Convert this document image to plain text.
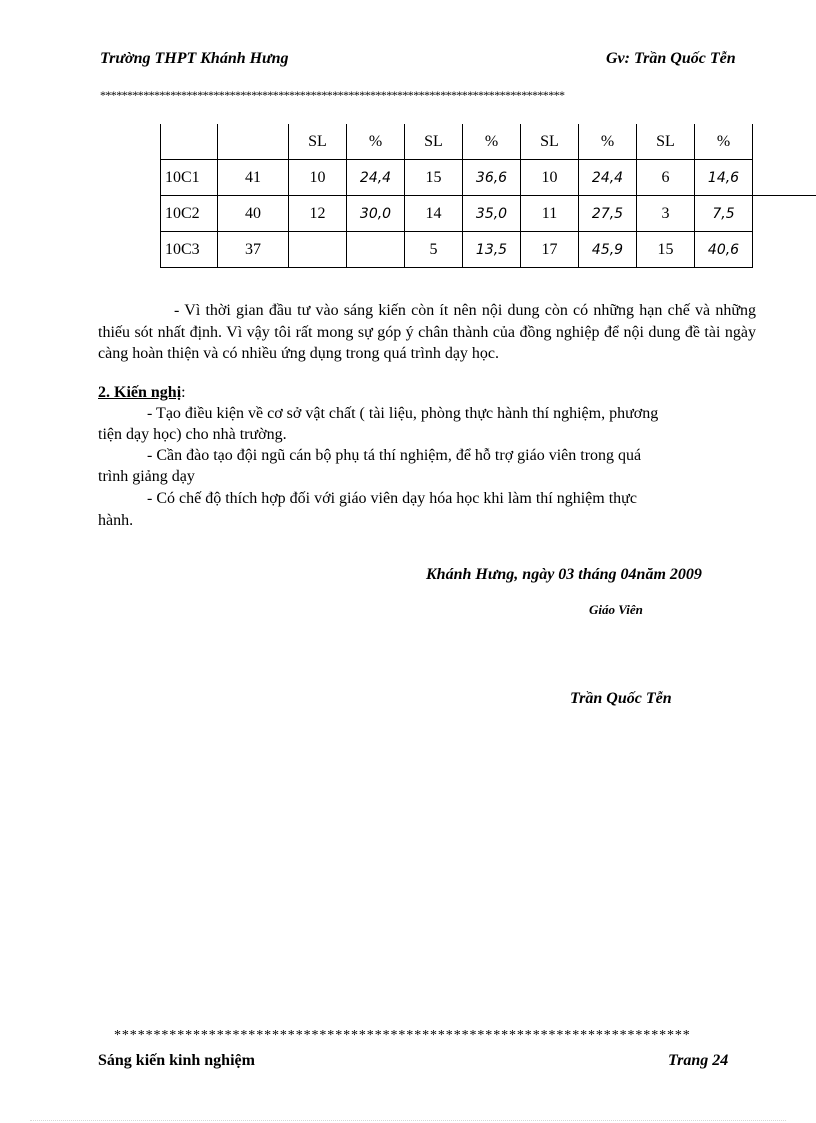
Trường THPT Khánh Hưng	Gv: Trần Quốc Tễn
**************************************************************************************
		SL	%	SL	%	SL	%	SL	%
10C1	41	10	24,4	15	36,6	10	24,4	6	14,6
10C2	40	12	30,0	14	35,0	11	27,5	3	7,5
10C3	37			5	13,5	17	45,9	15	40,6
- Vì thời gian đầu tư vào sáng kiến còn ít nên nội dung còn có những hạn chế và những thiếu sót nhất định. Vì vậy tôi rất mong sự góp ý chân thành của đồng nghiệp để nội dung đề tài ngày càng hoàn thiện và có nhiều ứng dụng trong quá trình dạy học.
2. Kiến nghị:
- Tạo điều kiện về cơ sở vật chất ( tài liệu, phòng thực hành thí nghiệm, phương
tiện dạy học) cho nhà trường.
- Cần đào tạo đội ngũ cán bộ phụ tá thí nghiệm, để hỗ trợ giáo viên trong quá
trình giảng dạy
- Có chế độ thích hợp đối với giáo viên dạy hóa học khi làm thí nghiệm thực
hành.
Khánh Hưng, ngày 03 tháng 04năm 2009
Giáo Viên
Trần Quốc Tễn
*************************************************************************
Sáng kiến kinh nghiệm	Trang 24
